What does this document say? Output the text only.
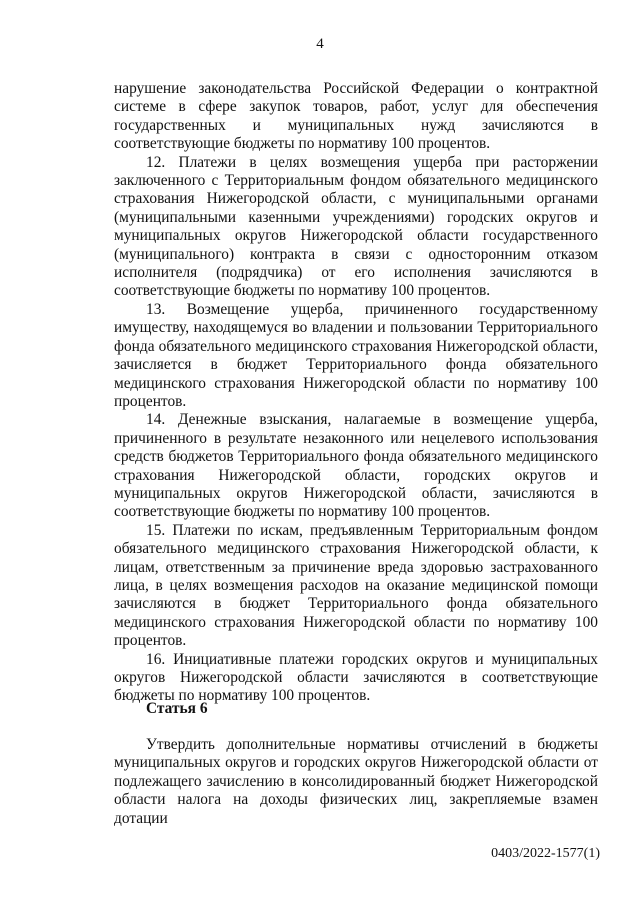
4

нарушение законодательства Российской Федерации о контрактной системе в сфере закупок товаров, работ, услуг для обеспечения государственных и муниципальных нужд зачисляются в соответствующие бюджеты по нормативу 100 процентов.

12. Платежи в целях возмещения ущерба при расторжении заключенного с Территориальным фондом обязательного медицинского страхования Нижегородской области, с муниципальными органами (муниципальными казенными учреждениями) городских округов и муниципальных округов Нижегородской области государственного (муниципального) контракта в связи с односторонним отказом исполнителя (подрядчика) от его исполнения зачисляются в соответствующие бюджеты по нормативу 100 процентов.

13. Возмещение ущерба, причиненного государственному имуществу, находящемуся во владении и пользовании Территориального фонда обязательного медицинского страхования Нижегородской области, зачисляется в бюджет Территориального фонда обязательного медицинского страхования Нижегородской области по нормативу 100 процентов.

14. Денежные взыскания, налагаемые в возмещение ущерба, причиненного в результате незаконного или нецелевого использования средств бюджетов Территориального фонда обязательного медицинского страхования Нижегородской области, городских округов и муниципальных округов Нижегородской области, зачисляются в соответствующие бюджеты по нормативу 100 процентов.

15. Платежи по искам, предъявленным Территориальным фондом обязательного медицинского страхования Нижегородской области, к лицам, ответственным за причинение вреда здоровью застрахованного лица, в целях возмещения расходов на оказание медицинской помощи зачисляются в бюджет Территориального фонда обязательного медицинского страхования Нижегородской области по нормативу 100 процентов.

16. Инициативные платежи городских округов и муниципальных округов Нижегородской области зачисляются в соответствующие бюджеты по нормативу 100 процентов.

Статья 6

Утвердить дополнительные нормативы отчислений в бюджеты муниципальных округов и городских округов Нижегородской области от подлежащего зачислению в консолидированный бюджет Нижегородской области налога на доходы физических лиц, закрепляемые взамен дотации

0403/2022-1577(1)
